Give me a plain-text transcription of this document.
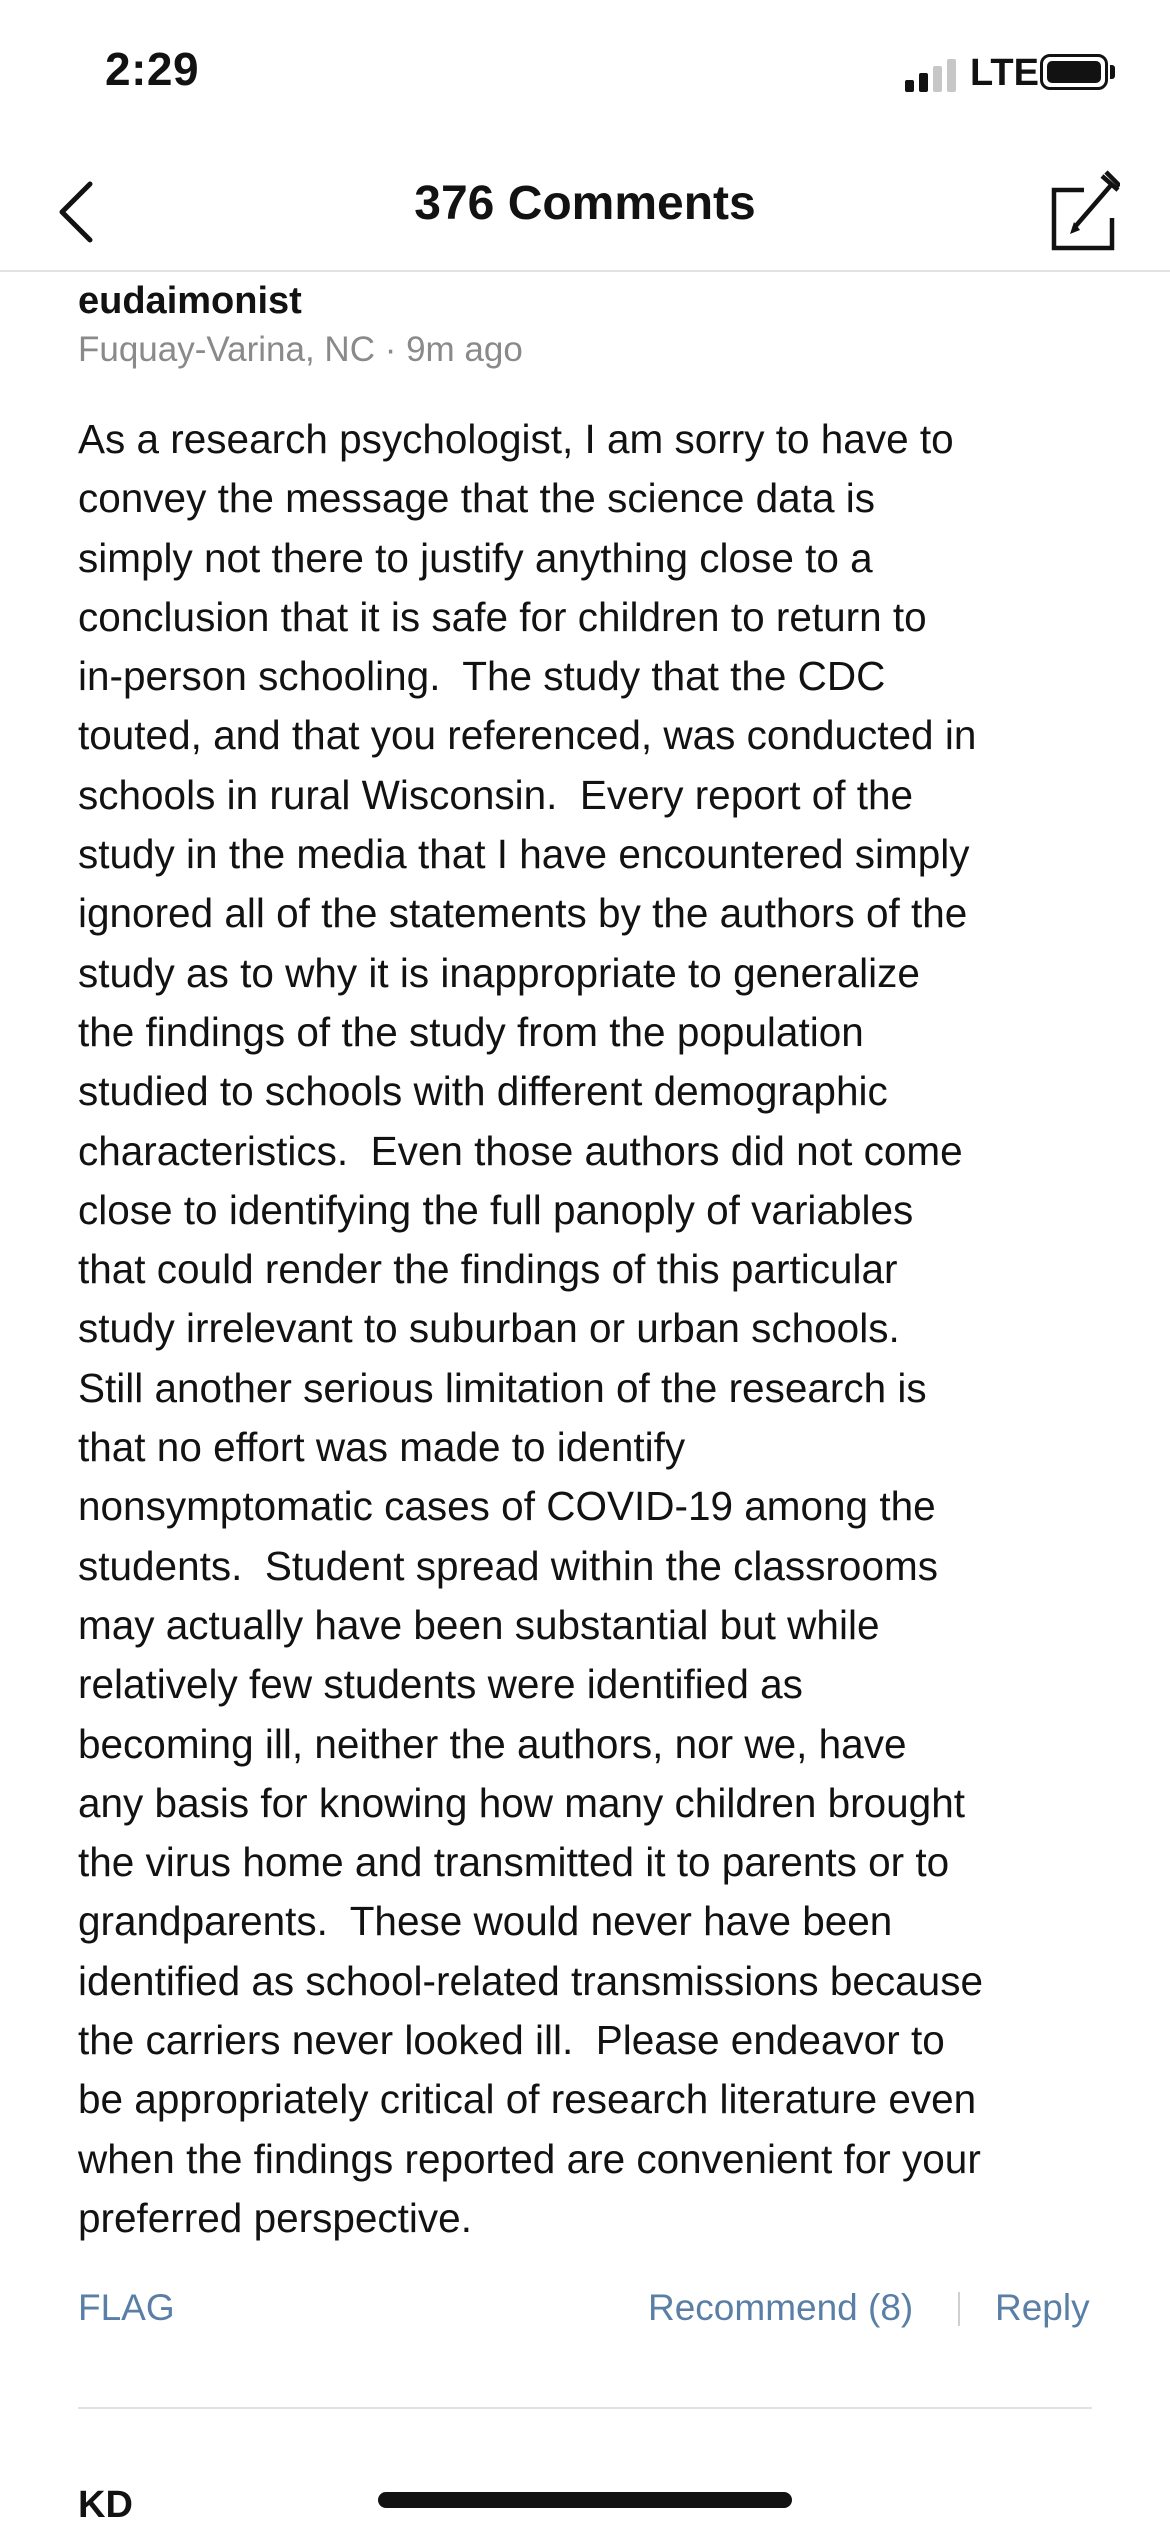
2:29	LTE
376 Comments
eudaimonist
Fuquay-Varina, NC · 9m ago
As a research psychologist, I am sorry to have to
convey the message that the science data is
simply not there to justify anything close to a
conclusion that it is safe for children to return to
in-person schooling.  The study that the CDC
touted, and that you referenced, was conducted in
schools in rural Wisconsin.  Every report of the
study in the media that I have encountered simply
ignored all of the statements by the authors of the
study as to why it is inappropriate to generalize
the findings of the study from the population
studied to schools with different demographic
characteristics.  Even those authors did not come
close to identifying the full panoply of variables
that could render the findings of this particular
study irrelevant to suburban or urban schools.
Still another serious limitation of the research is
that no effort was made to identify
nonsymptomatic cases of COVID-19 among the
students.  Student spread within the classrooms
may actually have been substantial but while
relatively few students were identified as
becoming ill, neither the authors, nor we, have
any basis for knowing how many children brought
the virus home and transmitted it to parents or to
grandparents.  These would never have been
identified as school-related transmissions because
the carriers never looked ill.  Please endeavor to
be appropriately critical of research literature even
when the findings reported are convenient for your
preferred perspective.
FLAG	Recommend (8) Reply
KD
